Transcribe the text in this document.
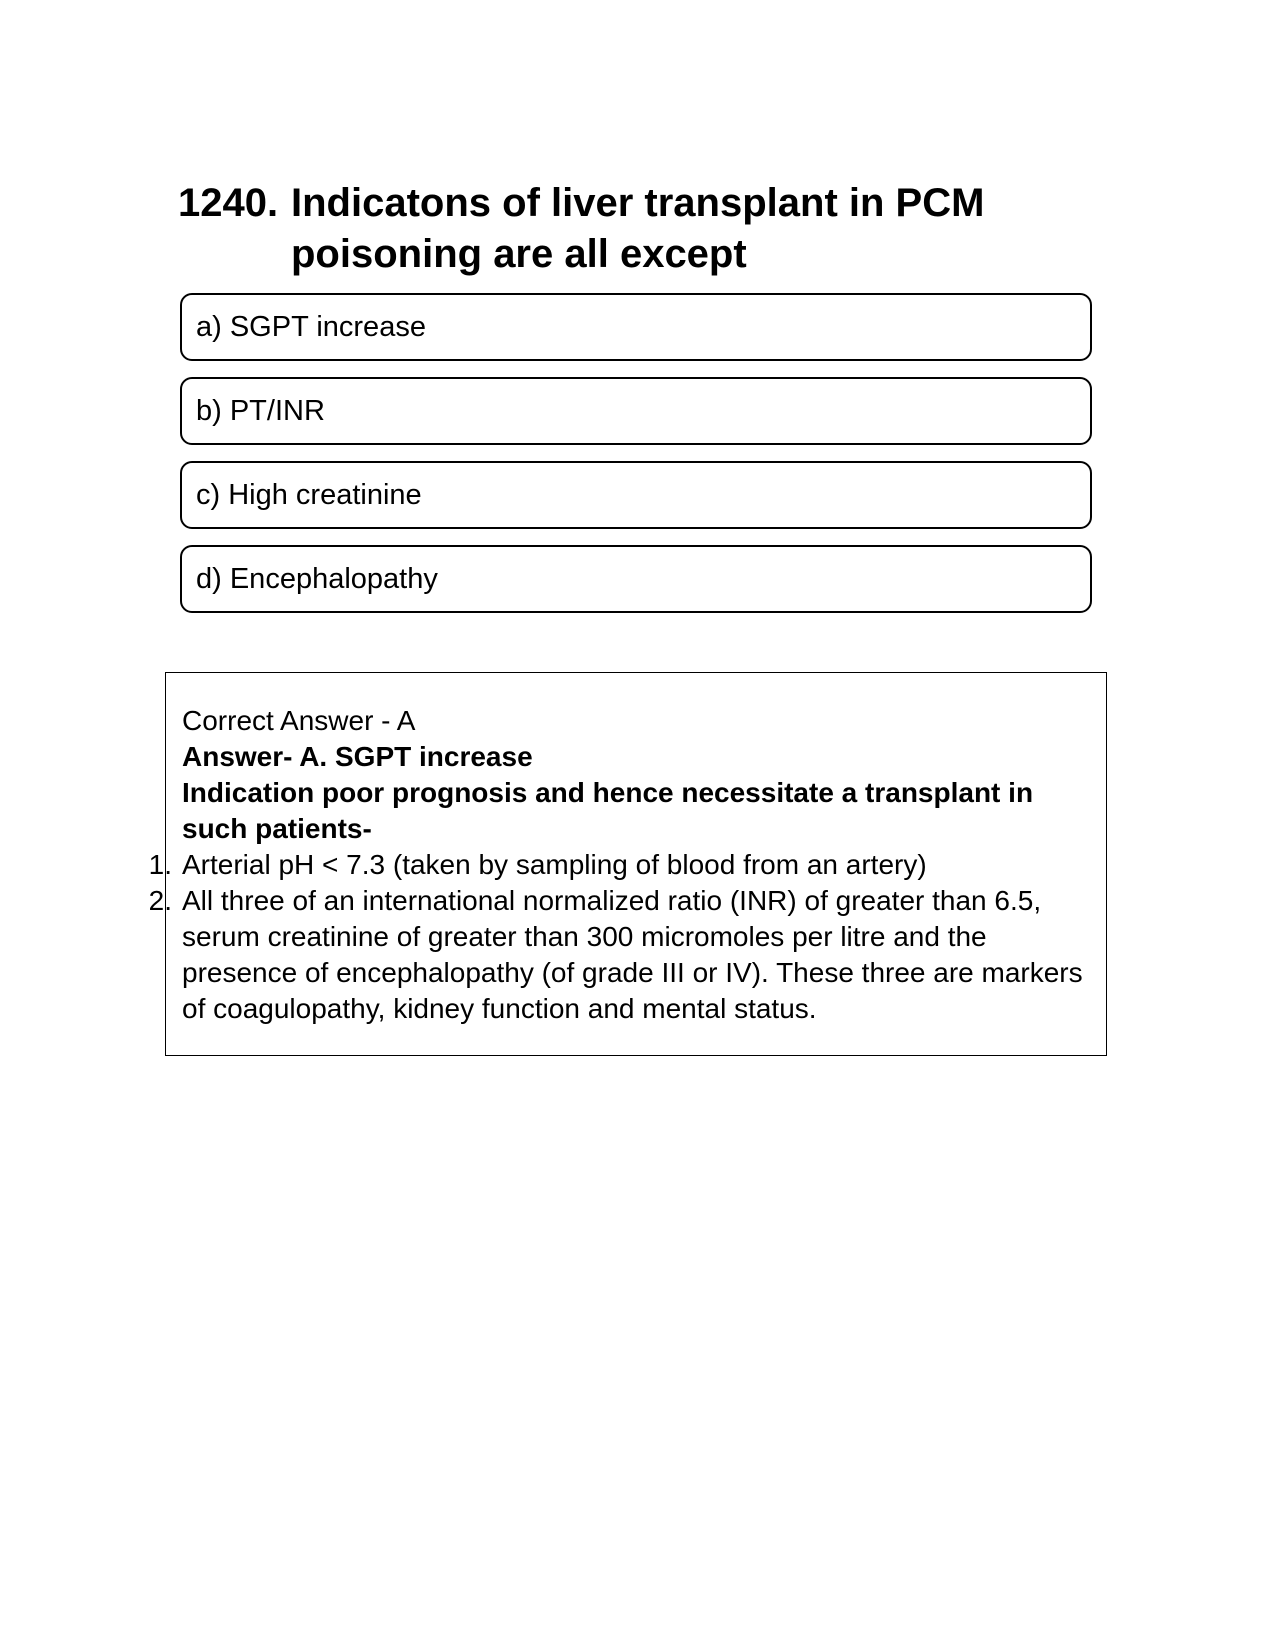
1240. Indicatons of liver transplant in PCM poisoning are all except
a) SGPT increase
b) PT/INR
c) High creatinine
d) Encephalopathy

Correct Answer - A

Answer- A. SGPT increase

Indication poor prognosis and hence necessitate a transplant in such patients-

1. Arterial pH < 7.3 (taken by sampling of blood from an artery)

2. All three of an international normalized ratio (INR) of greater than 6.5, serum creatinine of greater than 300 micromoles per litre and the presence of encephalopathy (of grade III or IV). These three are markers of coagulopathy, kidney function and mental status.
